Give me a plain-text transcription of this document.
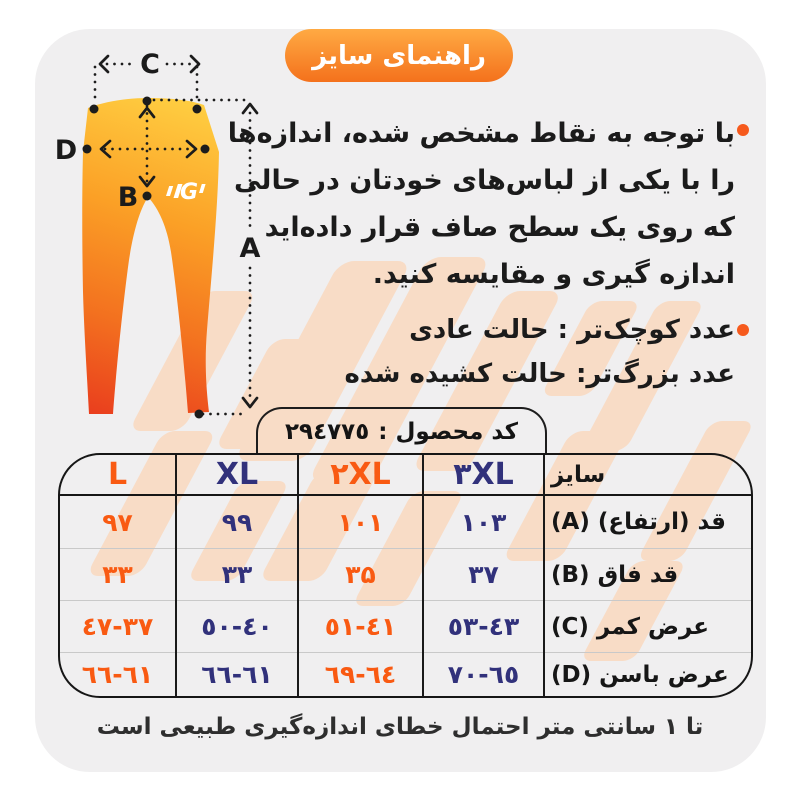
راهنمای سایز
G
C
D
B
A
با توجه به نقاط مشخص شده، اندازه‌ها
را با یکی از لباس‌های خودتان در حالی
که روی یک سطح صاف قرار داده‌اید
اندازه گیری و مقایسه کنید.
عدد کوچک‌تر : حالت عادی
عدد بزرگ‌تر: حالت کشیده شده
کد محصول :
۲۹٤۷۷٥
L
۹۷
۳۳
٣٧-٤٧
٦١-٦٦
XL
۹۹
۳۳
٤٠-٥٠
٦١-٦٦
۲XL
۱۰۱
۳۵
٤١-٥١
٦٤-٦٩
۳XL
۱۰۳
۳۷
٤٣-٥٣
٦٥-٧٠
سایز
قد (ارتفاع) (A)
قد فاق (B)
عرض کمر (C)
عرض باسن (D)
تا ۱ سانتی متر احتمال خطای اندازه‌گیری طبیعی است
